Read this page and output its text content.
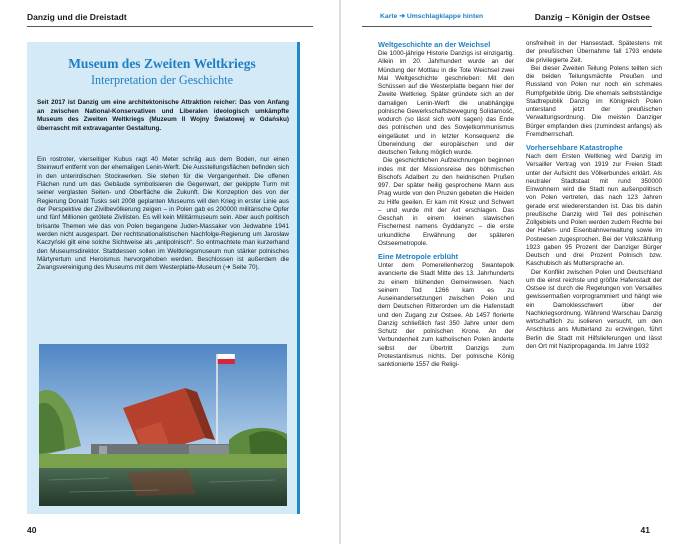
Danzig und die Dreistadt
Museum des Zweiten Weltkriegs
Interpretation der Geschichte
Seit 2017 ist Danzig um eine architektonische Attraktion reicher: Das von Anfang an zwischen National-Konservativen und Liberalen ideologisch umkämpfte Museum des Zweiten Weltkriegs (Muzeum II Wojny Światowej w Gdańsku) überrascht mit extravaganter Gestaltung.
Ein rostroter, vierseitiger Kubus ragt 40 Meter schräg aus dem Boden, nur einen Steinwurf entfernt von der ehemaligen Lenin-Werft. Die Ausstellungsflächen befinden sich in den unterirdischen Stockwerken. Sie stehen für die Vergangenheit. Die offenen Flächen rund um das Gebäude symbolisieren die Gegenwart, der gekippte Turm mit seiner verglasten Seiten- und Oberfläche die Zukunft. Die Konzeption des von der Regierung Donald Tusks seit 2008 geplanten Museums will den Krieg in erster Linie aus der Perspektive der Zivilbevölkerung zeigen – in Polen gab es 200000 militärische Opfer und fünf Millionen getötete Zivilisten. Es will kein Militärmuseum sein. Aber auch politisch brisante Themen wie das von Polen begangene Juden-Massaker von Jedwabne 1941 werden nicht ausgespart. Der rechtsnationalistischen Nachfolge-Regierung um Jarosław Kaczyński gilt eine solche Sichtweise als „antipolnisch“. So entmachtete man kurzerhand den Museumsdirektor. Stattdessen sollen im Weltkriegsmuseum nun stärker polnisches Märtyrertum und Heroismus hervorgehoben werden. Beschlossen ist außerdem die Zwangsvereinigung des Museums mit dem Westerplatte-Museum (➜ Seite 70).
40
Karte ➜ Umschlagklappe hinten	Danzig – Königin der Ostsee
Weltgeschichte an der Weichsel

Die 1000-jährige Historie Danzigs ist einzigartig. Allein im 20. Jahrhundert wurde an der Mündung der Mottlau in die Tote Weichsel zwei Mal Weltgeschichte geschrieben: Mit den Schüssen auf die Westerplatte begann hier der Zweite Weltkrieg. Später gründete sich an der damaligen Lenin-Werft die unabhängige polnische Gewerkschaftsbewegung Solidarność, wodurch (so lässt sich wohl sagen) das Ende des polnischen und des Sowjetkommunismus eingeläutet und in letzter Konsequenz die Überwindung der europäischen und der deutschen Teilung möglich wurde.

Die geschichtlichen Aufzeichnungen beginnen indes mit der Missionsreise des böhmischen Bischofs Adalbert zu den heidnischen Prußen 997. Der später heilig gesprochene Mann aus Prag wurde von den Pruzen gebeten die Heiden zu Hilfe geeilen. Er kam mit Kreuz und Schwert – und wurde mit der Axt erschlagen. Das Geschah in einem kleinen slawischen Fischernest namens Gyddanyzc – die erste urkundliche Erwähnung der späteren Ostseemetropole.

Eine Metropole erblüht

Unter dem Pomerellenherzog Swantepolk avancierte die Stadt Mitte des 13. Jahrhunderts zu einem blühenden Gemeinwesen. Nach seinem Tod 1266 kam es zu Auseinandersetzungen zwischen Polen und dem Deutschen Ritterorden um die Hafenstadt und den Zugang zur Ostsee. Ab 1457 florierte Danzig schließlich fast 350 Jahre unter dem Schutz der polnischen Krone. An der Verbundenheit zum katholischen Polen änderte selbst der Übertritt Danzigs zum Protestantismus nichts. Der polnische König sanktionierte 1557 die Religi-

onsfreiheit in der Hansestadt. Spätestens mit der preußischen Übernahme fall 1793 endete die privilegierte Zeit.

Bei dieser Zweiten Teilung Polens teilten sich die beiden Teilungsmächte Preußen und Russland von Polen nur noch ein schmales Rumpfgebilde übrig. Die ehemals selbstständige Stadtrepublik Danzig im Königreich Polen unterstand jetzt der preußischen Verwaltungsordnung. Die meisten Danziger Bürger empfanden dies (zumindest anfangs) als Fremdherrschaft.

Vorhersehbare Katastrophe

Nach dem Ersten Weltkrieg wird Danzig im Versailler Vertrag von 1919 zur Freien Stadt unter der Aufsicht des Völkerbundes erklärt. Als neutraler Stadtstaat mit rund 350000 Einwohnern wird die Stadt nun außenpolitisch von Polen vertreten, das nach 123 Jahren gerade erst wiedererstanden ist. Das bis dahin preußische Danzig wird Teil des polnischen Zollgebiets und Polen werden zudem Rechte bei der Hafen- und Eisenbahnverwaltung sowie im Postwesen zugesprochen. Bei der Volkszählung 1923 gaben 95 Prozent der Danziger Bürger Deutsch und drei Prozent Polnisch bzw. Kaschubisch als Muttersprache an.

Der Konflikt zwischen Polen und Deutschland um die einst reichste und größte Hafenstadt der Ostsee ist durch die Regelungen von Versailles gewissermaßen vorprogrammiert und hängt wie ein Damoklesschwert über der Nachkriegsordnung. Während Warschau Danzig wirtschaftlich zu isolieren versucht, um den Anschluss ans Mutterland zu erzwingen, führt Berlin die Stadt mit Hilfslieferungen und lässt den Ort mit Nazipropaganda. Im Jahre 1932

41
